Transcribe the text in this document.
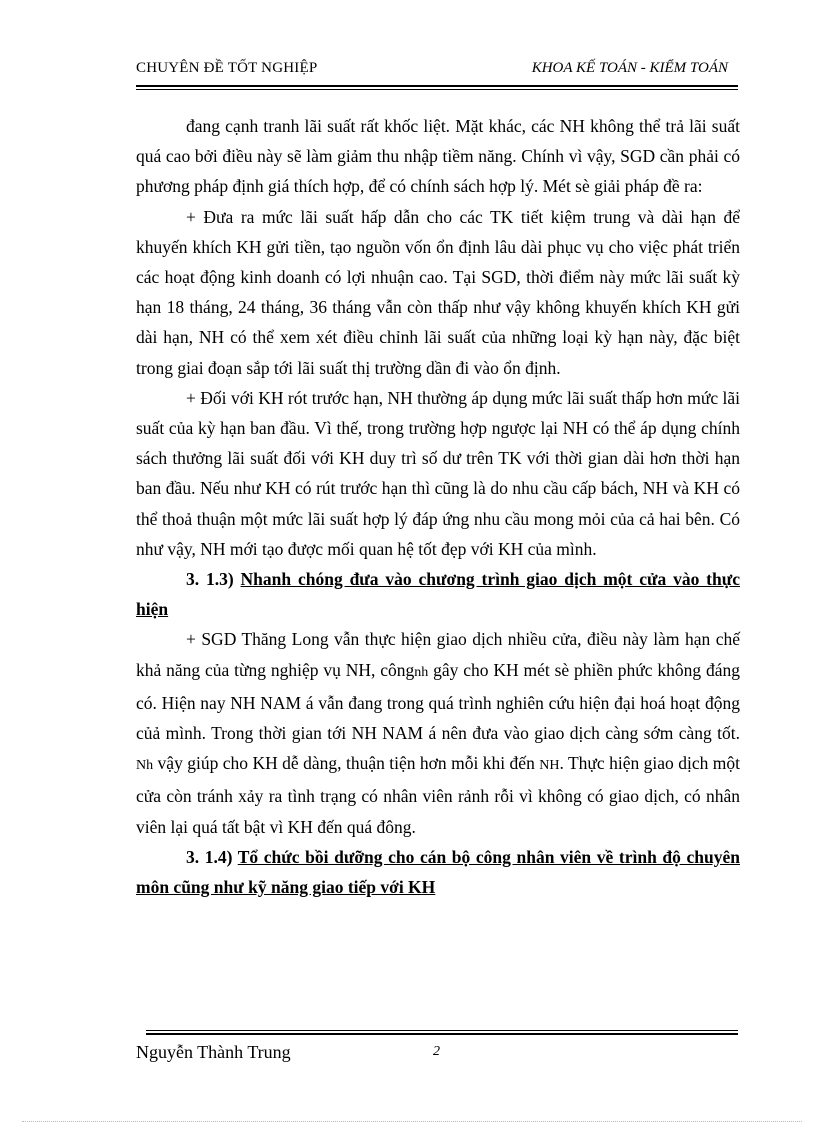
CHUYÊN ĐỀ TỐT NGHIỆP	KHOA KẾ TOÁN - KIỂM TOÁN

đang cạnh tranh lãi suất rất khốc liệt. Mặt khác, các NH không thể trả lãi suất quá cao bởi điều này sẽ làm giảm thu nhập tiềm năng. Chính vì vậy, SGD cần phải có phương pháp định giá thích hợp, để có chính sách hợp lý. Mét sè giải pháp đề ra:

+ Đưa ra mức lãi suất hấp dẫn cho các TK tiết kiệm trung và dài hạn để khuyến khích KH gửi tiền, tạo nguồn vốn ổn định lâu dài phục vụ cho việc phát triển các hoạt động kinh doanh có lợi nhuận cao. Tại SGD, thời điểm này mức lãi suất kỳ hạn 18 tháng, 24 tháng, 36 tháng vẫn còn thấp như vậy không khuyến khích KH gửi dài hạn, NH có thể xem xét điều chỉnh lãi suất của những loại kỳ hạn này, đặc biệt trong giai đoạn sắp tới lãi suất thị trường dần đi vào ổn định.

+ Đối với KH rót trước hạn, NH thường áp dụng mức lãi suất thấp hơn mức lãi suất của kỳ hạn ban đầu. Vì thế, trong trường hợp ngược lại NH có thể áp dụng chính sách thưởng lãi suất đối với KH duy trì số dư trên TK với thời gian dài hơn thời hạn ban đầu. Nếu như KH có rút trước hạn thì cũng là do nhu cầu cấp bách, NH và KH có thể thoả thuận một mức lãi suất hợp lý đáp ứng nhu cầu mong mỏi của cả hai bên. Có như vậy, NH mới tạo được mối quan hệ tốt đẹp với KH của mình.

3. 1.3) Nhanh chóng đưa vào chương trình giao dịch một cửa vào thực hiện

+ SGD Thăng Long vẫn thực hiện giao dịch nhiều cửa, điều này làm hạn chế khả năng của từng nghiệp vụ NH, côngnh gây cho KH mét sè phiền phức không đáng có. Hiện nay NH NAM á vẫn đang trong quá trình nghiên cứu hiện đại hoá hoạt động củả mình. Trong thời gian tới NH NAM á nên đưa vào giao dịch càng sớm càng tốt. Nh vậy giúp cho KH dễ dàng, thuận tiện hơn mỗi khi đến NH. Thực hiện giao dịch một cửa còn tránh xảy ra tình trạng có nhân viên rảnh rỗi vì không có giao dịch, có nhân viên lại quá tất bật vì KH đến quá đông.

3. 1.4) Tổ chức bồi dưỡng cho cán bộ công nhân viên về trình độ chuyên môn cũng như kỹ năng giao tiếp với KH

Nguyễn Thành Trung	2
